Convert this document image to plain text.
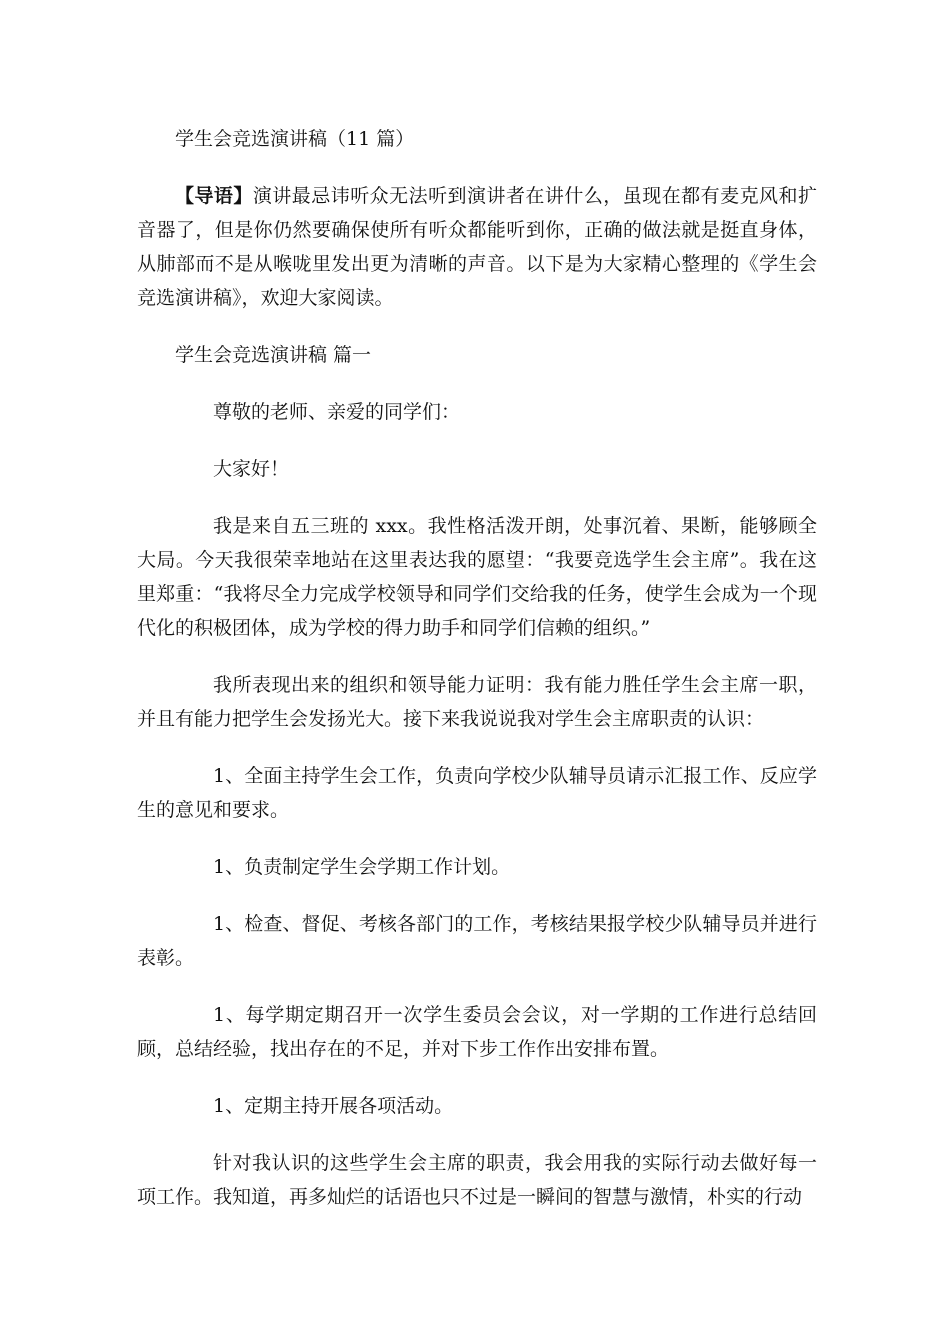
学生会竞选演讲稿（11 篇）

【导语】演讲最忌讳听众无法听到演讲者在讲什么，虽现在都有麦克风和扩音器了，但是你仍然要确保使所有听众都能听到你，正确的做法就是挺直身体，从肺部而不是从喉咙里发出更为清晰的声音。以下是为大家精心整理的《学生会竞选演讲稿》，欢迎大家阅读。

学生会竞选演讲稿 篇一

尊敬的老师、亲爱的同学们：

大家好！

我是来自五三班的 xxx。我性格活泼开朗，处事沉着、果断，能够顾全大局。今天我很荣幸地站在这里表达我的愿望：“我要竞选学生会主席”。我在这里郑重：“我将尽全力完成学校领导和同学们交给我的任务，使学生会成为一个现代化的积极团体，成为学校的得力助手和同学们信赖的组织。”

我所表现出来的组织和领导能力证明：我有能力胜任学生会主席一职，并且有能力把学生会发扬光大。接下来我说说我对学生会主席职责的认识：

1、全面主持学生会工作，负责向学校少队辅导员请示汇报工作、反应学生的意见和要求。

1、负责制定学生会学期工作计划。

1、检查、督促、考核各部门的工作，考核结果报学校少队辅导员并进行表彰。

1、每学期定期召开一次学生委员会会议，对一学期的工作进行总结回顾，总结经验，找出存在的不足，并对下步工作作出安排布置。

1、定期主持开展各项活动。

针对我认识的这些学生会主席的职责，我会用我的实际行动去做好每一项工作。我知道，再多灿烂的话语也只不过是一瞬间的智慧与激情，朴实的行动
